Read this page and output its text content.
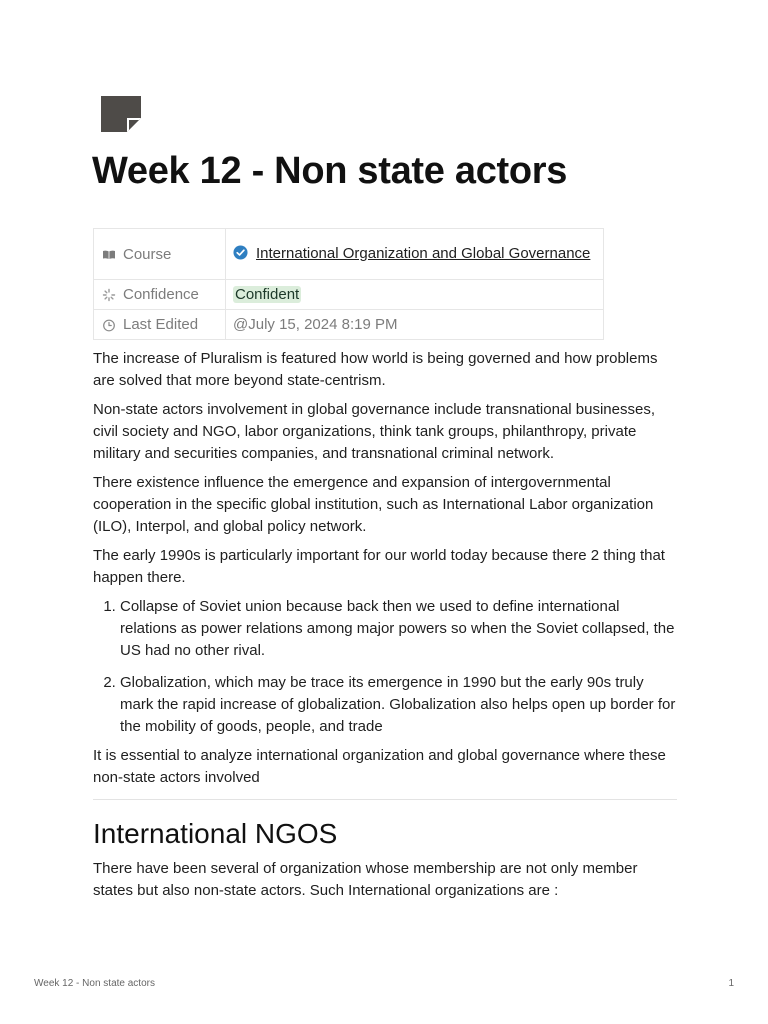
Week 12 - Non state actors
Course	International Organization and Global Governance

Confidence	Confident

Last Edited	@July 15, 2024 8:19 PM

The increase of Pluralism is featured how world is being governed and how problems are solved that more beyond state-centrism.

Non-state actors involvement in global governance include transnational businesses, civil society and NGO, labor organizations, think tank groups, philanthropy, private military and securities companies, and transnational criminal network.

There existence influence the emergence and expansion of intergovernmental cooperation in the specific global institution, such as International Labor organization (ILO), Interpol, and global policy network.

The early 1990s is particularly important for our world today because there 2 thing that happen there.

1. Collapse of Soviet union because back then we used to define international relations as power relations among major powers so when the Soviet collapsed, the US had no other rival.
2. Globalization, which may be trace its emergence in 1990 but the early 90s truly mark the rapid increase of globalization. Globalization also helps open up border for the mobility of goods, people, and trade

It is essential to analyze international organization and global governance where these non-state actors involved

International NGOS

There have been several of organization whose membership are not only member states but also non-state actors. Such International organizations are :

Week 12 - Non state actors	1
